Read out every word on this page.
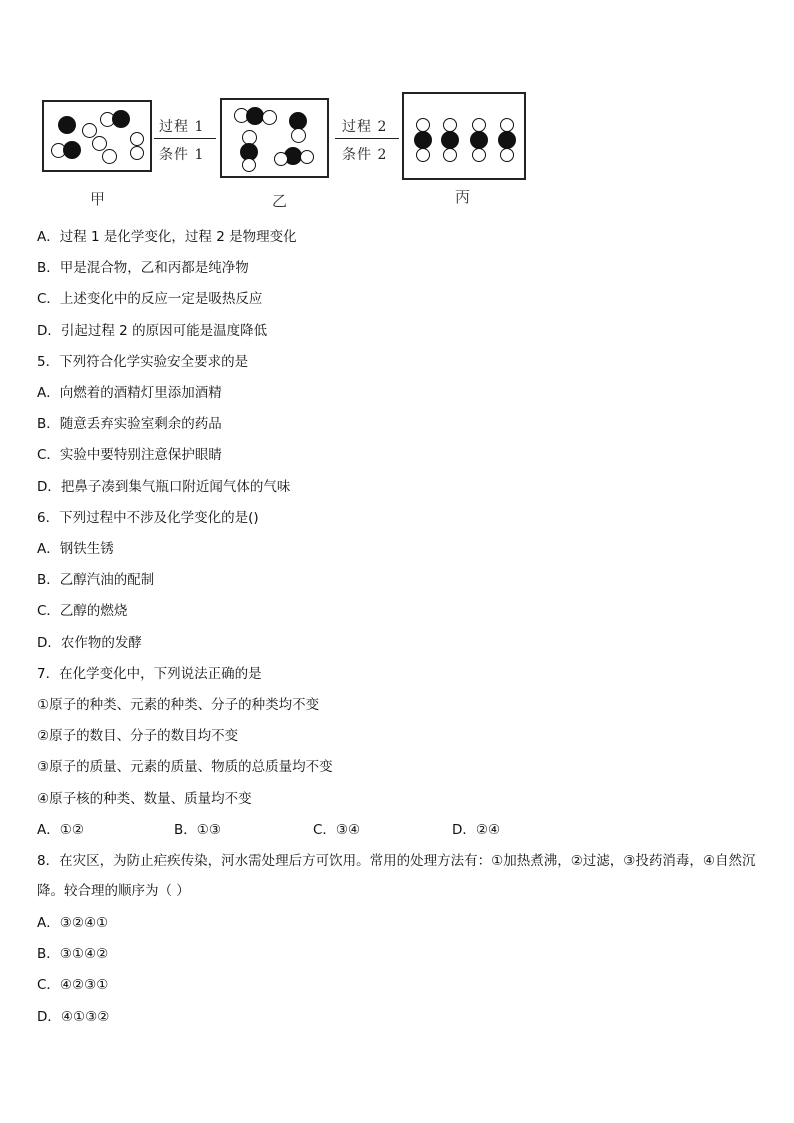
甲
过程 1
条件 1
乙
过程 2
条件 2
丙
A．过程 1 是化学变化，过程 2 是物理变化
B．甲是混合物，乙和丙都是纯净物
C．上述变化中的反应一定是吸热反应
D．引起过程 2 的原因可能是温度降低
5．下列符合化学实验安全要求的是
A．向燃着的酒精灯里添加酒精
B．随意丢弃实验室剩余的药品
C．实验中要特别注意保护眼睛
D．把鼻子凑到集气瓶口附近闻气体的气味
6．下列过程中不涉及化学变化的是()
A．钢铁生锈
B．乙醇汽油的配制
C．乙醇的燃烧
D．农作物的发酵
7．在化学变化中，下列说法正确的是
①原子的种类、元素的种类、分子的种类均不变
②原子的数目、分子的数目均不变
③原子的质量、元素的质量、物质的总质量均不变
④原子核的种类、数量、质量均不变
A．①②	B．①③	C．③④	D．②④
8．在灾区，为防止疟疾传染，河水需处理后方可饮用。常用的处理方法有：①加热煮沸，②过滤，③投药消毒，④自然沉降。较合理的顺序为（ ）
A．③②④①
B．③①④②
C．④②③①
D．④①③②
